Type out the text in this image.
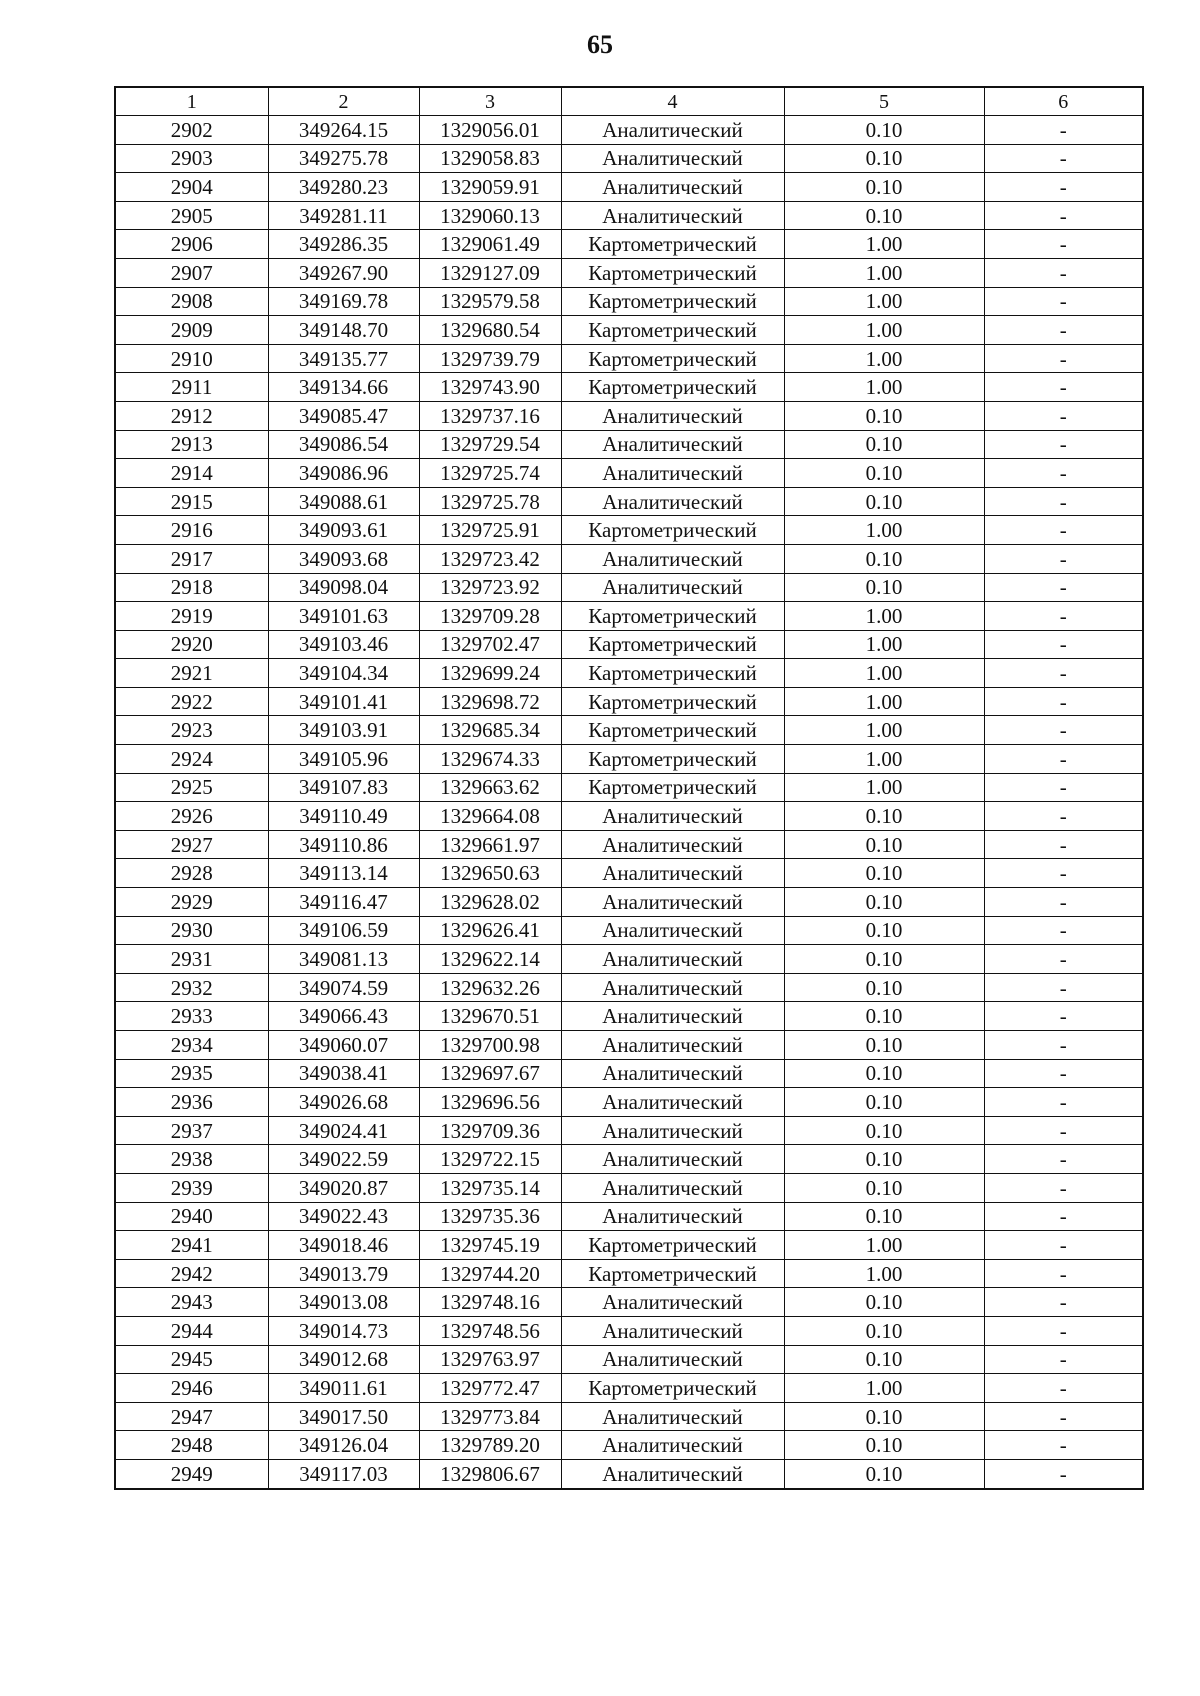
65
1	2	3	4	5	6
2902	349264.15	1329056.01	Аналитический	0.10	-
2903	349275.78	1329058.83	Аналитический	0.10	-
2904	349280.23	1329059.91	Аналитический	0.10	-
2905	349281.11	1329060.13	Аналитический	0.10	-
2906	349286.35	1329061.49	Картометрический	1.00	-
2907	349267.90	1329127.09	Картометрический	1.00	-
2908	349169.78	1329579.58	Картометрический	1.00	-
2909	349148.70	1329680.54	Картометрический	1.00	-
2910	349135.77	1329739.79	Картометрический	1.00	-
2911	349134.66	1329743.90	Картометрический	1.00	-
2912	349085.47	1329737.16	Аналитический	0.10	-
2913	349086.54	1329729.54	Аналитический	0.10	-
2914	349086.96	1329725.74	Аналитический	0.10	-
2915	349088.61	1329725.78	Аналитический	0.10	-
2916	349093.61	1329725.91	Картометрический	1.00	-
2917	349093.68	1329723.42	Аналитический	0.10	-
2918	349098.04	1329723.92	Аналитический	0.10	-
2919	349101.63	1329709.28	Картометрический	1.00	-
2920	349103.46	1329702.47	Картометрический	1.00	-
2921	349104.34	1329699.24	Картометрический	1.00	-
2922	349101.41	1329698.72	Картометрический	1.00	-
2923	349103.91	1329685.34	Картометрический	1.00	-
2924	349105.96	1329674.33	Картометрический	1.00	-
2925	349107.83	1329663.62	Картометрический	1.00	-
2926	349110.49	1329664.08	Аналитический	0.10	-
2927	349110.86	1329661.97	Аналитический	0.10	-
2928	349113.14	1329650.63	Аналитический	0.10	-
2929	349116.47	1329628.02	Аналитический	0.10	-
2930	349106.59	1329626.41	Аналитический	0.10	-
2931	349081.13	1329622.14	Аналитический	0.10	-
2932	349074.59	1329632.26	Аналитический	0.10	-
2933	349066.43	1329670.51	Аналитический	0.10	-
2934	349060.07	1329700.98	Аналитический	0.10	-
2935	349038.41	1329697.67	Аналитический	0.10	-
2936	349026.68	1329696.56	Аналитический	0.10	-
2937	349024.41	1329709.36	Аналитический	0.10	-
2938	349022.59	1329722.15	Аналитический	0.10	-
2939	349020.87	1329735.14	Аналитический	0.10	-
2940	349022.43	1329735.36	Аналитический	0.10	-
2941	349018.46	1329745.19	Картометрический	1.00	-
2942	349013.79	1329744.20	Картометрический	1.00	-
2943	349013.08	1329748.16	Аналитический	0.10	-
2944	349014.73	1329748.56	Аналитический	0.10	-
2945	349012.68	1329763.97	Аналитический	0.10	-
2946	349011.61	1329772.47	Картометрический	1.00	-
2947	349017.50	1329773.84	Аналитический	0.10	-
2948	349126.04	1329789.20	Аналитический	0.10	-
2949	349117.03	1329806.67	Аналитический	0.10	-
